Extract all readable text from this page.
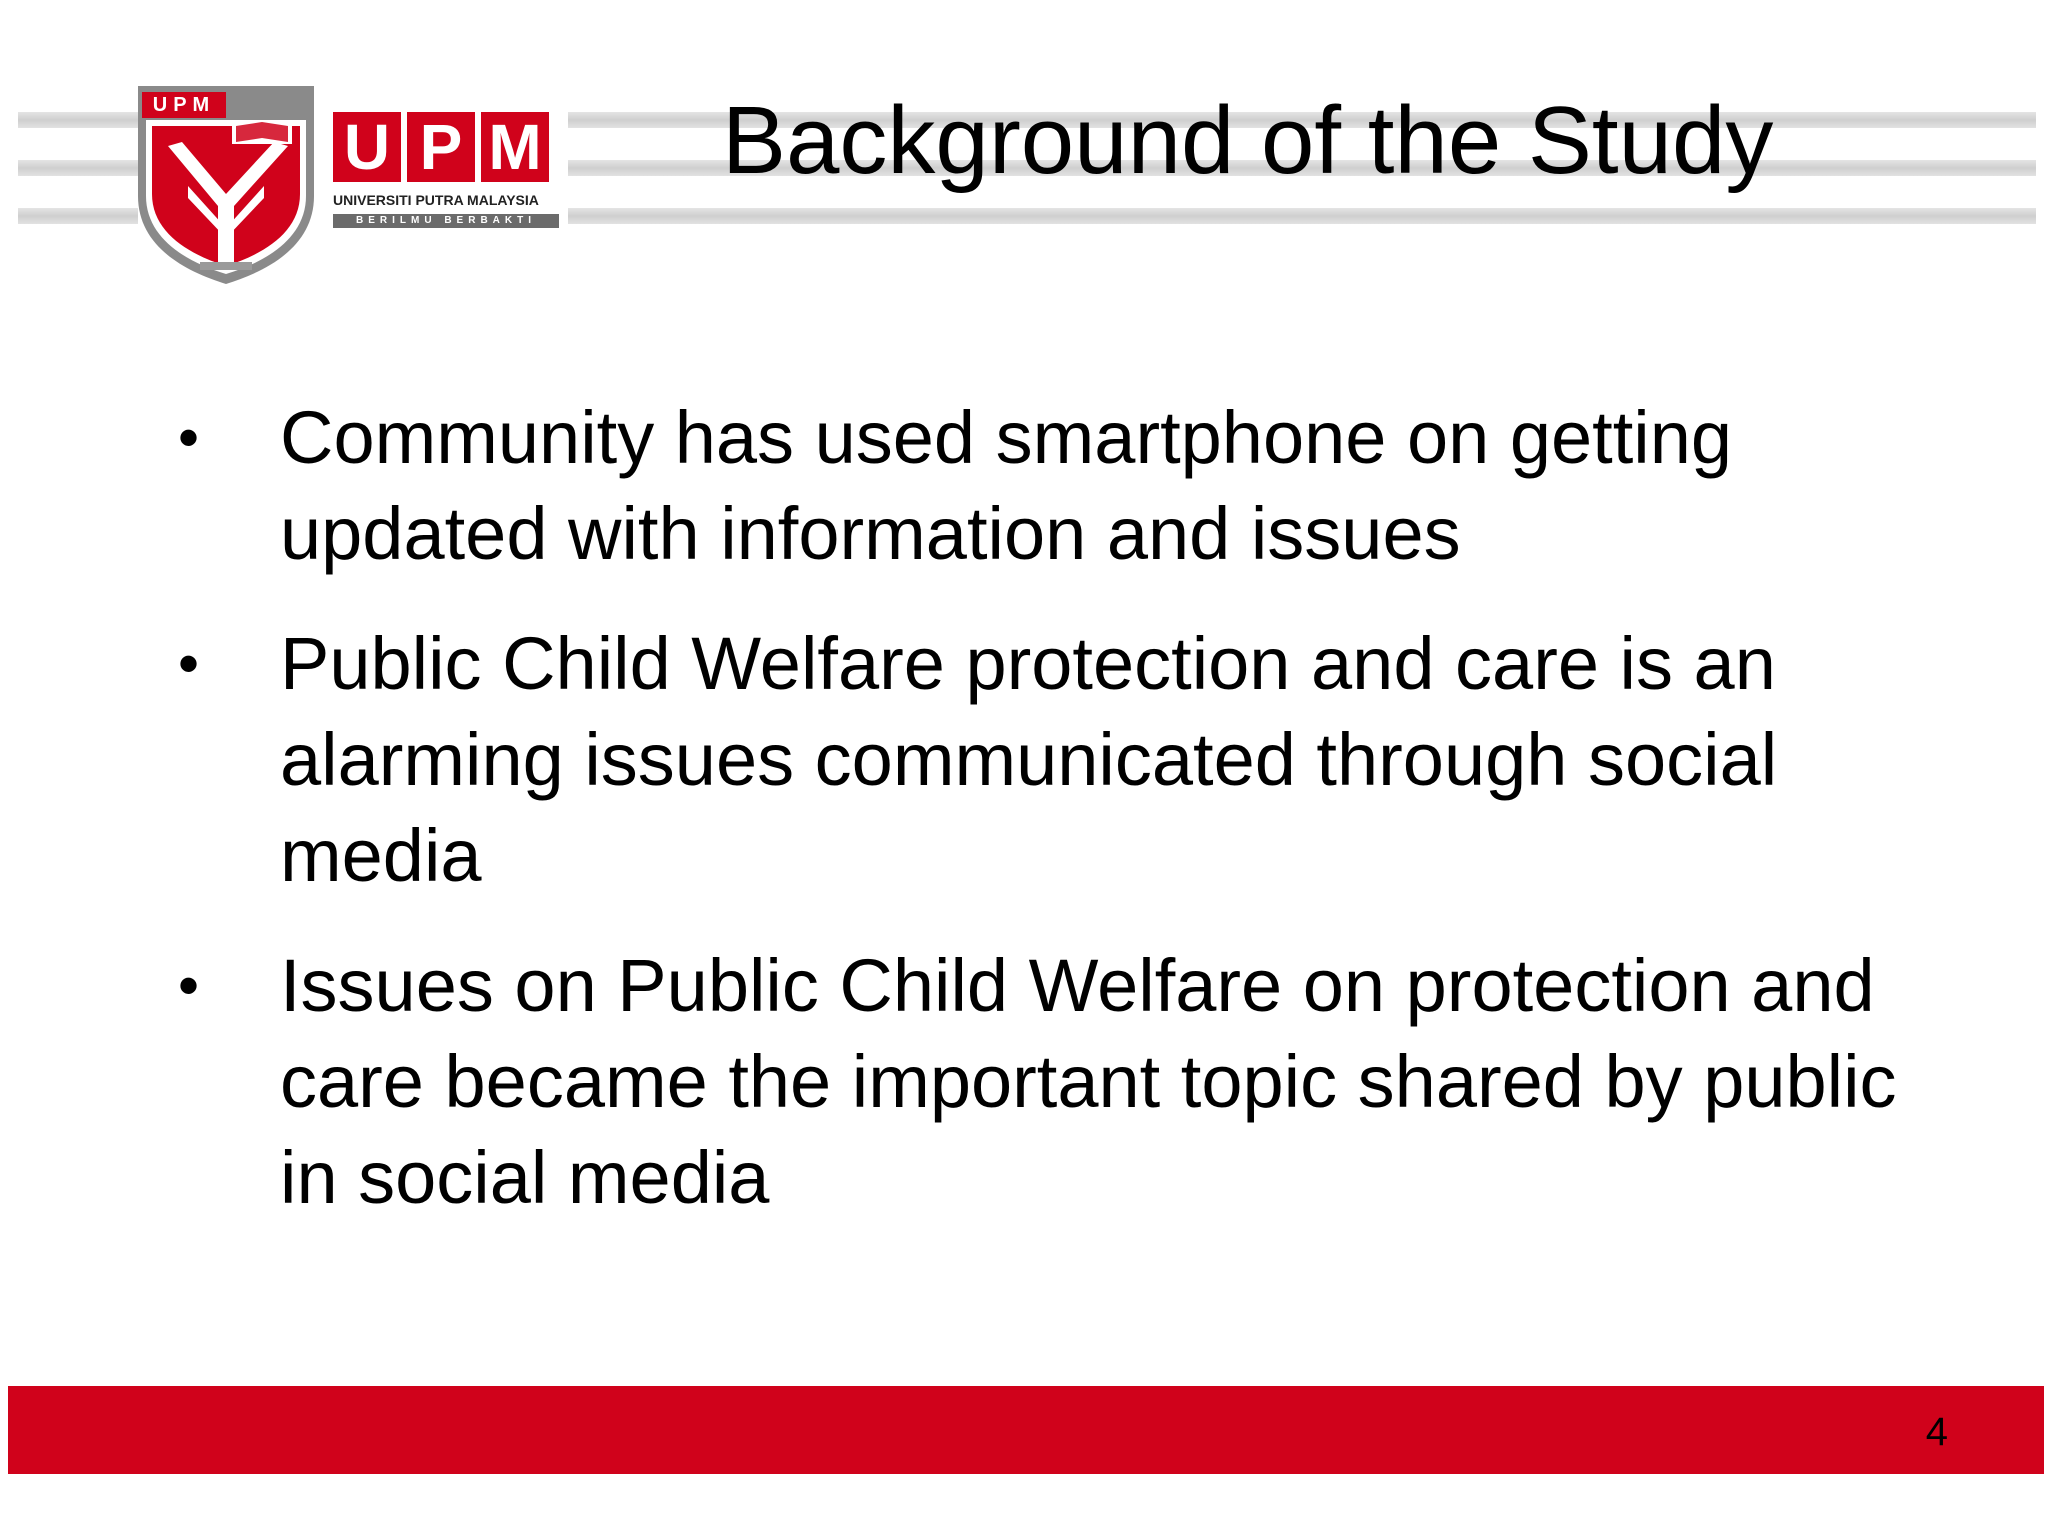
UPM
U P M
UNIVERSITI PUTRA MALAYSIA
BERILMU BERBAKTI
Background of the Study
• Community has used smartphone on getting updated with information and issues
• Public Child Welfare protection and care is an alarming issues communicated through social media
• Issues on Public Child Welfare on protection and care became the important topic shared by public in social media
4
